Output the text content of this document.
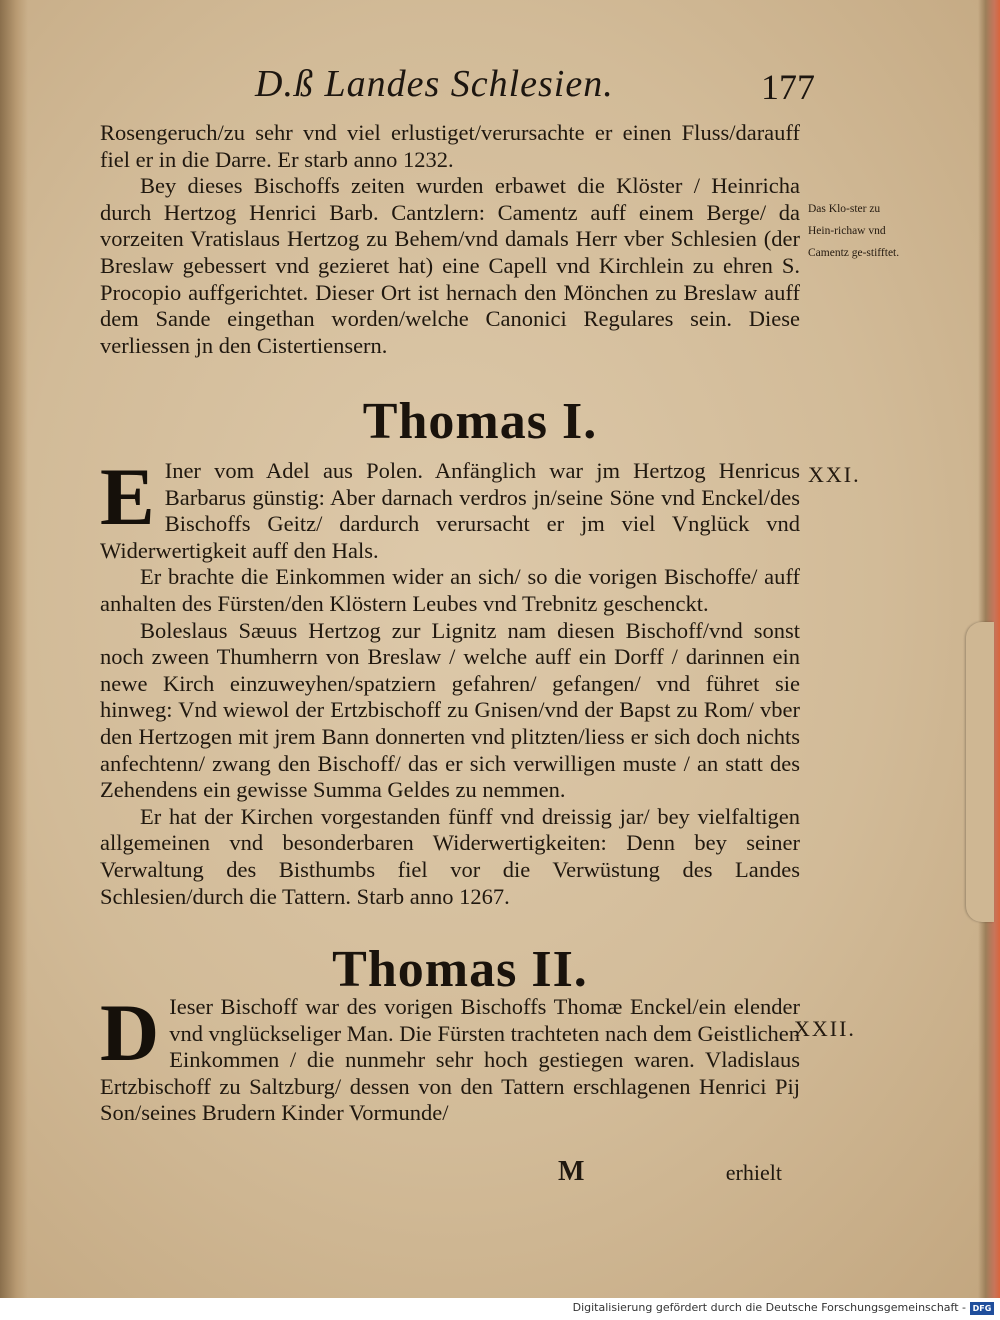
D.ß Landes Schlesien.	177

Rosengeruch/zu sehr vnd viel erlustiget/verursachte er einen Fluss/darauff fiel er in die Darre. Er starb anno 1232.

Bey dieses Bischoffs zeiten wurden erbawet die Klöster / Heinricha durch Hertzog Henrici Barb. Cantzlern: Camentz auff einem Berge/ da vorzeiten Vratislaus Hertzog zu Behem/vnd damals Herr vber Schlesien (der Breslaw gebessert vnd gezieret hat) eine Capell vnd Kirchlein zu ehren S. Procopio auffgerichtet. Dieser Ort ist hernach den Mönchen zu Breslaw auff dem Sande eingethan worden/welche Canonici Regulares sein. Diese verliessen jn den Cistertiensern.

Das Klo-ster zu Hein-richaw vnd Camentz ge-stifftet.
Thomas I.
XXI.

E Iner vom Adel aus Polen. Anfänglich war jm Hertzog Henricus Barbarus günstig: Aber darnach verdros jn/seine Söne vnd Enckel/des Bischoffs Geitz/ dardurch verursacht er jm viel Vnglück vnd Widerwertigkeit auff den Hals.

Er brachte die Einkommen wider an sich/ so die vorigen Bischoffe/ auff anhalten des Fürsten/den Klöstern Leubes vnd Trebnitz geschenckt.

Boleslaus Sæuus Hertzog zur Lignitz nam diesen Bischoff/vnd sonst noch zween Thumherrn von Breslaw / welche auff ein Dorff / darinnen ein newe Kirch einzuweyhen/spatziern gefahren/ gefangen/ vnd führet sie hinweg: Vnd wiewol der Ertzbischoff zu Gnisen/vnd der Bapst zu Rom/ vber den Hertzogen mit jrem Bann donnerten vnd plitzten/liess er sich doch nichts anfechtenn/ zwang den Bischoff/ das er sich verwilligen muste / an statt des Zehendens ein gewisse Summa Geldes zu nemmen.

Er hat der Kirchen vorgestanden fünff vnd dreissig jar/ bey vielfaltigen allgemeinen vnd besonderbaren Widerwertigkeiten: Denn bey seiner Verwaltung des Bisthumbs fiel vor die Verwüstung des Landes Schlesien/durch die Tattern. Starb anno 1267.

Thomas II.
XXII.

D Ieser Bischoff war des vorigen Bischoffs Thomæ Enckel/ein elender vnd vnglückseliger Man. Die Fürsten trachteten nach dem Geistlichen Einkommen / die nunmehr sehr hoch gestiegen waren. Vladislaus Ertzbischoff zu Saltzburg/ dessen von den Tattern erschlagenen Henrici Pij Son/seines Brudern Kinder Vormunde/

M	erhielt
Digitalisierung gefördert durch die Deutsche Forschungsgemeinschaft - DFG
